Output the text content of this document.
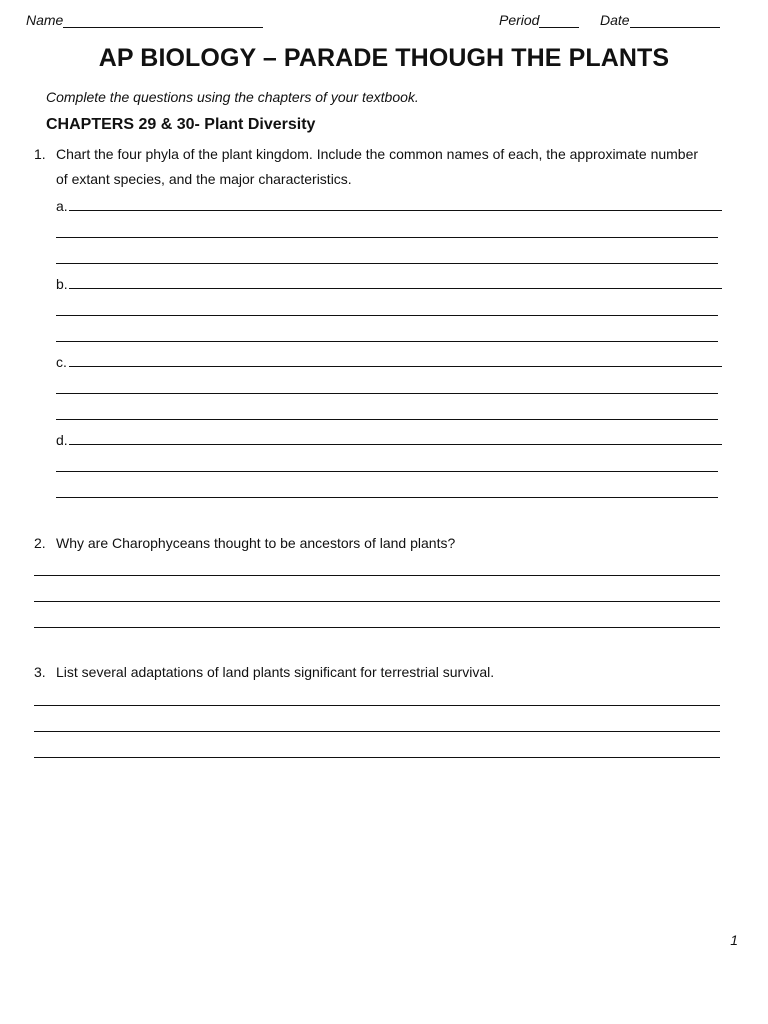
Name	Period	Date
AP BIOLOGY – PARADE THOUGH THE PLANTS
Complete the questions using the chapters of your textbook.
CHAPTERS 29 & 30- Plant Diversity
1. Chart the four phyla of the plant kingdom. Include the common names of each, the approximate number of extant species, and the major characteristics.
a.
b.
c.
d.
2. Why are Charophyceans thought to be ancestors of land plants?
3. List several adaptations of land plants significant for terrestrial survival.
1
